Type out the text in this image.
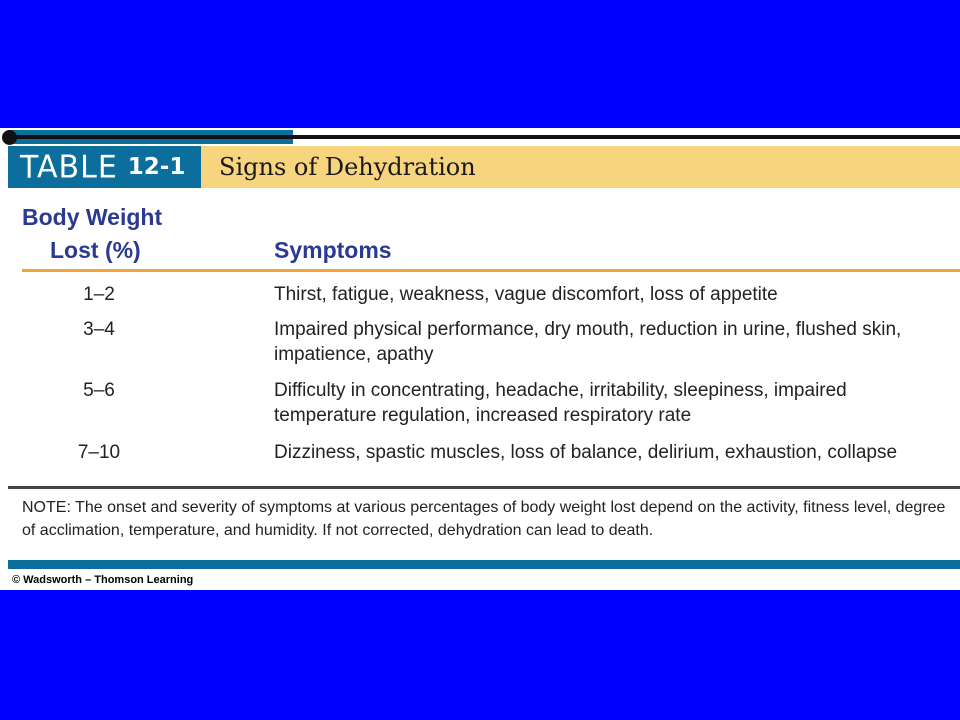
TABLE 12-1	Signs of Dehydration
Body Weight
Lost (%)	Symptoms
1–2	Thirst, fatigue, weakness, vague discomfort, loss of appetite
3–4	Impaired physical performance, dry mouth, reduction in urine, flushed skin, impatience, apathy
5–6	Difficulty in concentrating, headache, irritability, sleepiness, impaired temperature regulation, increased respiratory rate
7–10	Dizziness, spastic muscles, loss of balance, delirium, exhaustion, collapse
NOTE: The onset and severity of symptoms at various percentages of body weight lost depend on the activity, fitness level, degree of acclimation, temperature, and humidity. If not corrected, dehydration can lead to death.
© Wadsworth – Thomson Learning
